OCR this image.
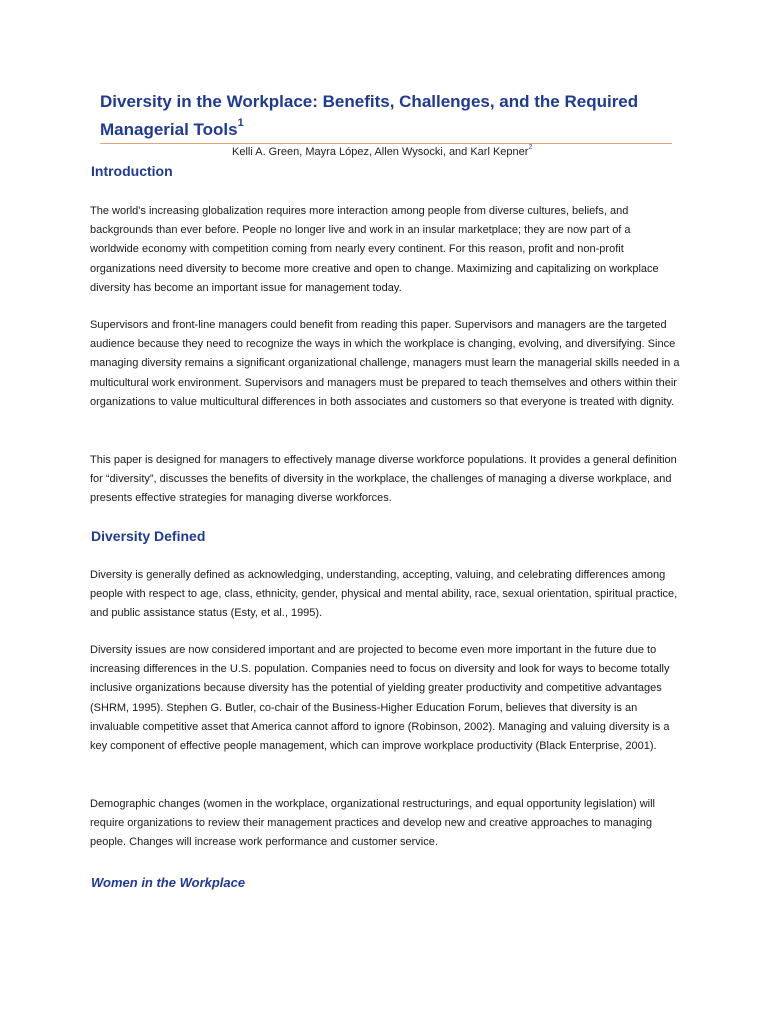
Diversity in the Workplace: Benefits, Challenges, and the Required
Managerial Tools$^1$
Kelli A. Green, Mayra López, Allen Wysocki, and Karl Kepner$^2$
Introduction

The world's increasing globalization requires more interaction among people from diverse cultures, beliefs, and backgrounds than ever before. People no longer live and work in an insular marketplace; they are now part of a worldwide economy with competition coming from nearly every continent. For this reason, profit and non-profit organizations need diversity to become more creative and open to change. Maximizing and capitalizing on workplace diversity has become an important issue for management today.

Supervisors and front-line managers could benefit from reading this paper. Supervisors and managers are the targeted audience because they need to recognize the ways in which the workplace is changing, evolving, and diversifying. Since managing diversity remains a significant organizational challenge, managers must learn the managerial skills needed in a multicultural work environment. Supervisors and managers must be prepared to teach themselves and others within their organizations to value multicultural differences in both associates and customers so that everyone is treated with dignity.

This paper is designed for managers to effectively manage diverse workforce populations. It provides a general definition for “diversity”, discusses the benefits of diversity in the workplace, the challenges of managing a diverse workplace, and presents effective strategies for managing diverse workforces.

Diversity Defined

Diversity is generally defined as acknowledging, understanding, accepting, valuing, and celebrating differences among people with respect to age, class, ethnicity, gender, physical and mental ability, race, sexual orientation, spiritual practice, and public assistance status (Esty, et al., 1995).

Diversity issues are now considered important and are projected to become even more important in the future due to increasing differences in the U.S. population. Companies need to focus on diversity and look for ways to become totally inclusive organizations because diversity has the potential of yielding greater productivity and competitive advantages (SHRM, 1995). Stephen G. Butler, co-chair of the Business-Higher Education Forum, believes that diversity is an invaluable competitive asset that America cannot afford to ignore (Robinson, 2002). Managing and valuing diversity is a key component of effective people management, which can improve workplace productivity (Black Enterprise, 2001).

Demographic changes (women in the workplace, organizational restructurings, and equal opportunity legislation) will require organizations to review their management practices and develop new and creative approaches to managing people. Changes will increase work performance and customer service.

Women in the Workplace
